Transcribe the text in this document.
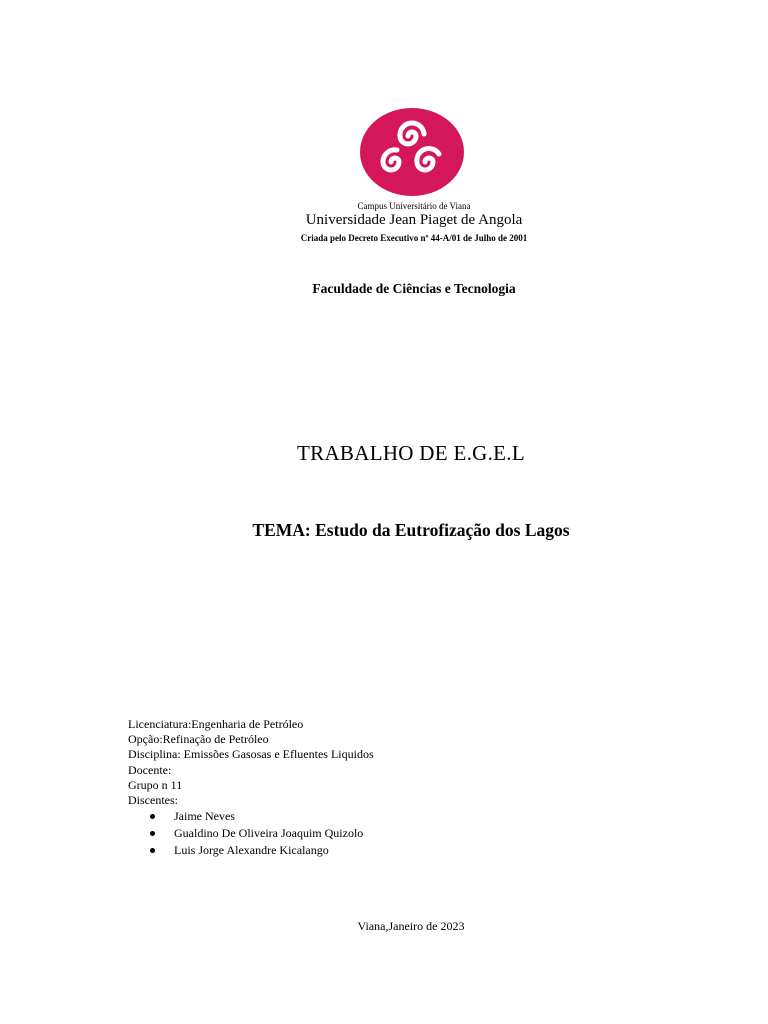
Campus Universitário de Viana
Universidade Jean Piaget de Angola
Criada pelo Decreto Executivo nº 44-A/01 de Julho de 2001
Faculdade de Ciências e Tecnologia
TRABALHO DE E.G.E.L
TEMA: Estudo da Eutrofização dos Lagos
Licenciatura:Engenharia de Petróleo
Opção:Refinação de Petróleo
Disciplina: Emissões Gasosas e Efluentes Liquidos
Docente:
Grupo n 11
Discentes:
Jaime Neves
Gualdino De Oliveira Joaquim Quizolo
Luis Jorge Alexandre Kicalango
Viana,Janeiro de 2023
